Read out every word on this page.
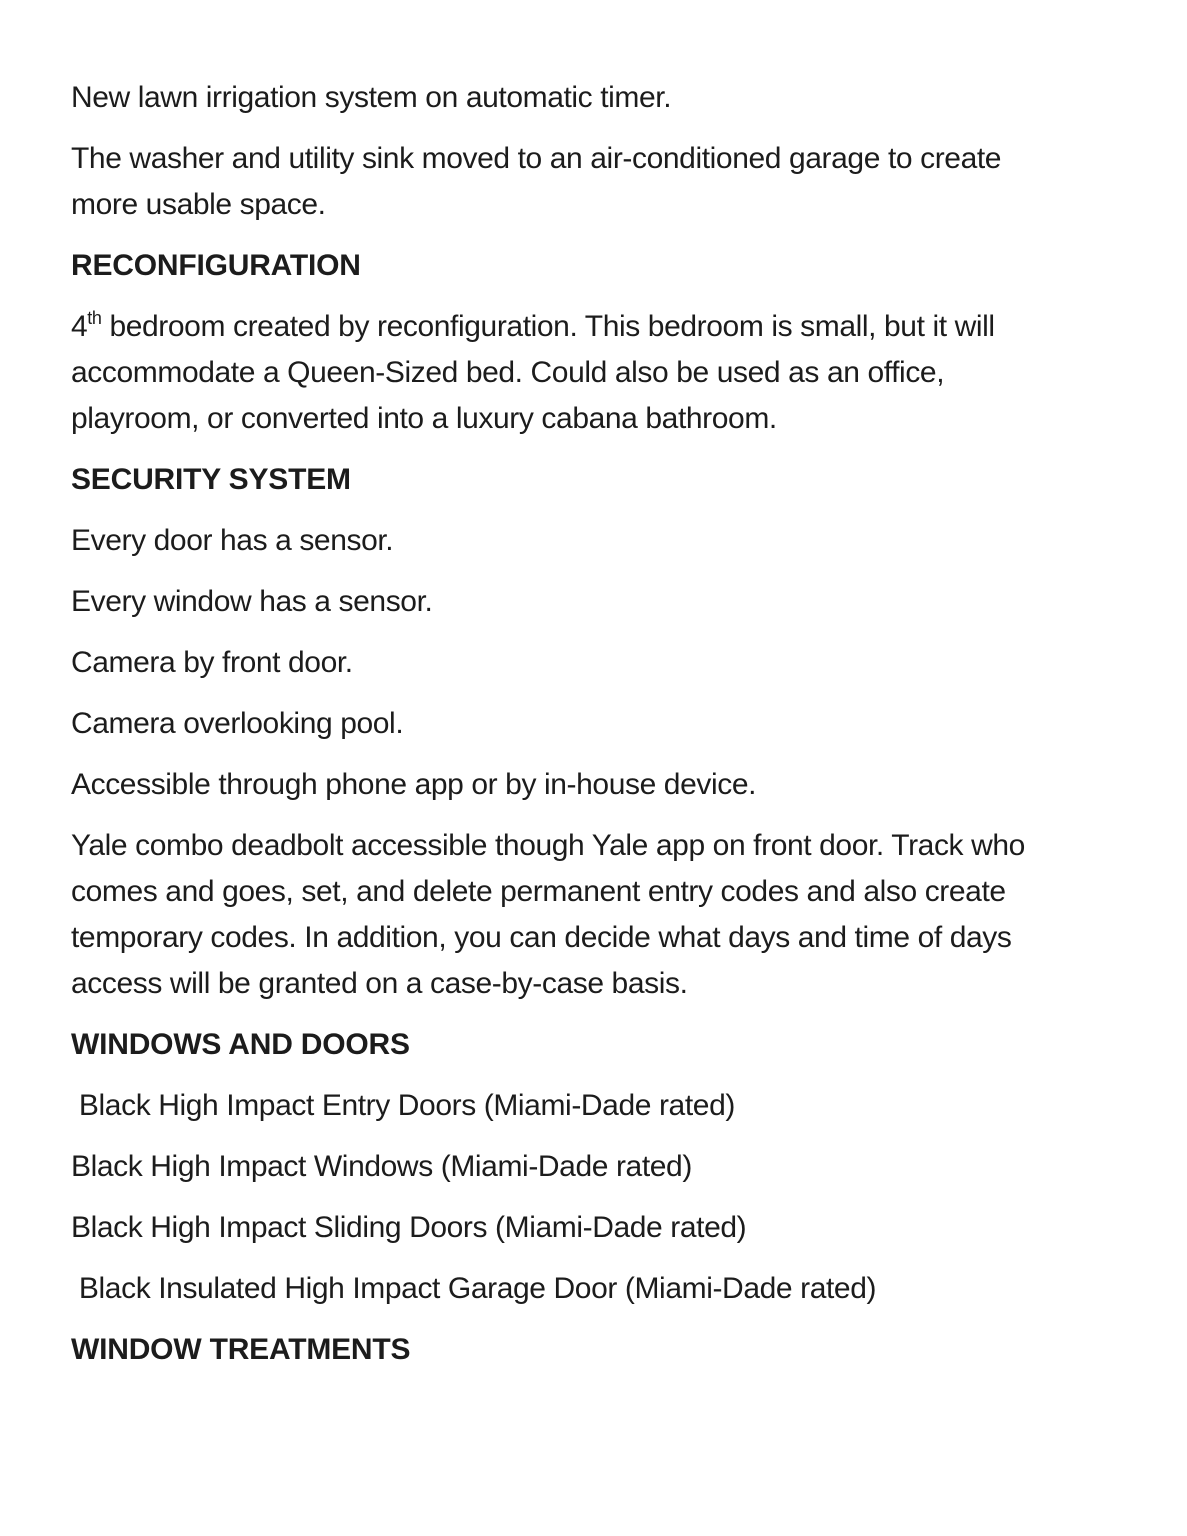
New lawn irrigation system on automatic timer.
The washer and utility sink moved to an air-conditioned garage to create
more usable space.
RECONFIGURATION
4th bedroom created by reconfiguration. This bedroom is small, but it will
accommodate a Queen-Sized bed. Could also be used as an office,
playroom, or converted into a luxury cabana bathroom.
SECURITY SYSTEM
Every door has a sensor.
Every window has a sensor.
Camera by front door.
Camera overlooking pool.
Accessible through phone app or by in-house device.
Yale combo deadbolt accessible though Yale app on front door. Track who
comes and goes, set, and delete permanent entry codes and also create
temporary codes. In addition, you can decide what days and time of days
access will be granted on a case-by-case basis.
WINDOWS AND DOORS
Black High Impact Entry Doors (Miami-Dade rated)
Black High Impact Windows (Miami-Dade rated)
Black High Impact Sliding Doors (Miami-Dade rated)
Black Insulated High Impact Garage Door (Miami-Dade rated)
WINDOW TREATMENTS
